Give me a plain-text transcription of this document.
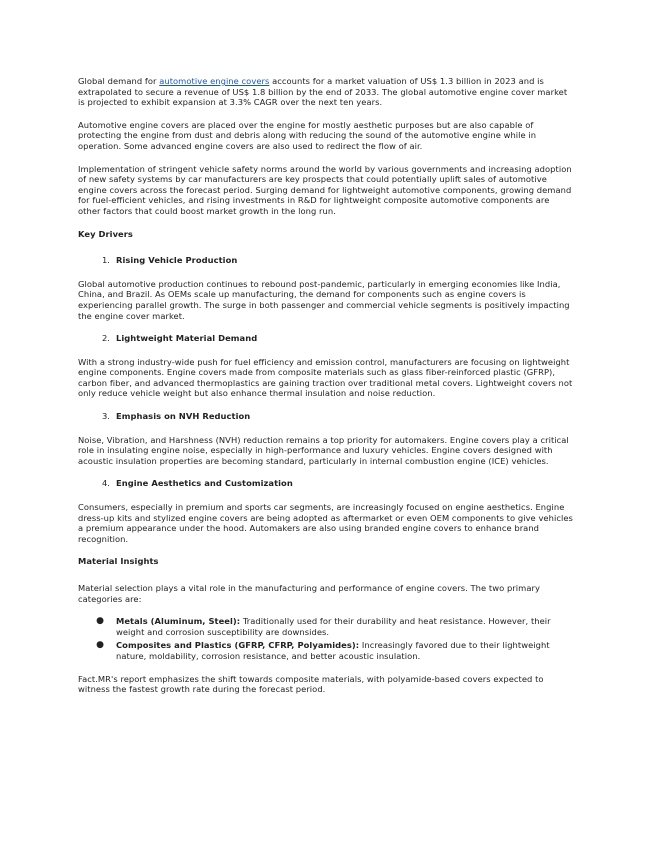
Global demand for automotive engine covers accounts for a market valuation of US$ 1.3 billion in 2023 and is extrapolated to secure a revenue of US$ 1.8 billion by the end of 2033. The global automotive engine cover market is projected to exhibit expansion at 3.3% CAGR over the next ten years.

Automotive engine covers are placed over the engine for mostly aesthetic purposes but are also capable of protecting the engine from dust and debris along with reducing the sound of the automotive engine while in operation. Some advanced engine covers are also used to redirect the flow of air.

Implementation of stringent vehicle safety norms around the world by various governments and increasing adoption of new safety systems by car manufacturers are key prospects that could potentially uplift sales of automotive engine covers across the forecast period. Surging demand for lightweight automotive components, growing demand for fuel-efficient vehicles, and rising investments in R&D for lightweight composite automotive components are other factors that could boost market growth in the long run.

Key Drivers
1. Rising Vehicle Production

Global automotive production continues to rebound post-pandemic, particularly in emerging economies like India, China, and Brazil. As OEMs scale up manufacturing, the demand for components such as engine covers is experiencing parallel growth. The surge in both passenger and commercial vehicle segments is positively impacting the engine cover market.

2. Lightweight Material Demand

With a strong industry-wide push for fuel efficiency and emission control, manufacturers are focusing on lightweight engine components. Engine covers made from composite materials such as glass fiber-reinforced plastic (GFRP), carbon fiber, and advanced thermoplastics are gaining traction over traditional metal covers. Lightweight covers not only reduce vehicle weight but also enhance thermal insulation and noise reduction.

3. Emphasis on NVH Reduction

Noise, Vibration, and Harshness (NVH) reduction remains a top priority for automakers. Engine covers play a critical role in insulating engine noise, especially in high-performance and luxury vehicles. Engine covers designed with acoustic insulation properties are becoming standard, particularly in internal combustion engine (ICE) vehicles.

4. Engine Aesthetics and Customization

Consumers, especially in premium and sports car segments, are increasingly focused on engine aesthetics. Engine dress-up kits and stylized engine covers are being adopted as aftermarket or even OEM components to give vehicles a premium appearance under the hood. Automakers are also using branded engine covers to enhance brand recognition.

Material Insights

Material selection plays a vital role in the manufacturing and performance of engine covers. The two primary categories are:

●	Metals (Aluminum, Steel): Traditionally used for their durability and heat resistance. However, their weight and corrosion susceptibility are downsides.
●	Composites and Plastics (GFRP, CFRP, Polyamides): Increasingly favored due to their lightweight nature, moldability, corrosion resistance, and better acoustic insulation.

Fact.MR's report emphasizes the shift towards composite materials, with polyamide-based covers expected to witness the fastest growth rate during the forecast period.
